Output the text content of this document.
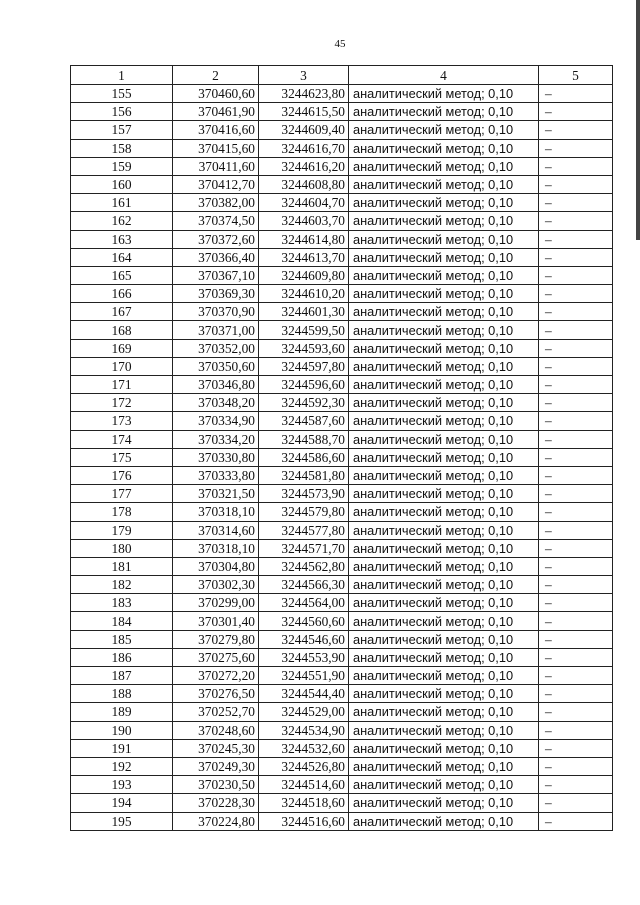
45
1	2	3	4	5
155	370460,60	3244623,80	аналитический метод; 0,10	–
156	370461,90	3244615,50	аналитический метод; 0,10	–
157	370416,60	3244609,40	аналитический метод; 0,10	–
158	370415,60	3244616,70	аналитический метод; 0,10	–
159	370411,60	3244616,20	аналитический метод; 0,10	–
160	370412,70	3244608,80	аналитический метод; 0,10	–
161	370382,00	3244604,70	аналитический метод; 0,10	–
162	370374,50	3244603,70	аналитический метод; 0,10	–
163	370372,60	3244614,80	аналитический метод; 0,10	–
164	370366,40	3244613,70	аналитический метод; 0,10	–
165	370367,10	3244609,80	аналитический метод; 0,10	–
166	370369,30	3244610,20	аналитический метод; 0,10	–
167	370370,90	3244601,30	аналитический метод; 0,10	–
168	370371,00	3244599,50	аналитический метод; 0,10	–
169	370352,00	3244593,60	аналитический метод; 0,10	–
170	370350,60	3244597,80	аналитический метод; 0,10	–
171	370346,80	3244596,60	аналитический метод; 0,10	–
172	370348,20	3244592,30	аналитический метод; 0,10	–
173	370334,90	3244587,60	аналитический метод; 0,10	–
174	370334,20	3244588,70	аналитический метод; 0,10	–
175	370330,80	3244586,60	аналитический метод; 0,10	–
176	370333,80	3244581,80	аналитический метод; 0,10	–
177	370321,50	3244573,90	аналитический метод; 0,10	–
178	370318,10	3244579,80	аналитический метод; 0,10	–
179	370314,60	3244577,80	аналитический метод; 0,10	–
180	370318,10	3244571,70	аналитический метод; 0,10	–
181	370304,80	3244562,80	аналитический метод; 0,10	–
182	370302,30	3244566,30	аналитический метод; 0,10	–
183	370299,00	3244564,00	аналитический метод; 0,10	–
184	370301,40	3244560,60	аналитический метод; 0,10	–
185	370279,80	3244546,60	аналитический метод; 0,10	–
186	370275,60	3244553,90	аналитический метод; 0,10	–
187	370272,20	3244551,90	аналитический метод; 0,10	–
188	370276,50	3244544,40	аналитический метод; 0,10	–
189	370252,70	3244529,00	аналитический метод; 0,10	–
190	370248,60	3244534,90	аналитический метод; 0,10	–
191	370245,30	3244532,60	аналитический метод; 0,10	–
192	370249,30	3244526,80	аналитический метод; 0,10	–
193	370230,50	3244514,60	аналитический метод; 0,10	–
194	370228,30	3244518,60	аналитический метод; 0,10	–
195	370224,80	3244516,60	аналитический метод; 0,10	–
